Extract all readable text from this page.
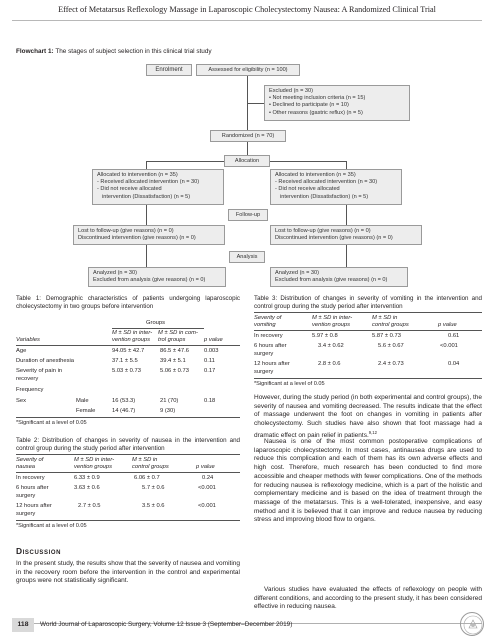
Effect of Metatarsus Reflexology Massage in Laparoscopic Cholecystectomy Nausea: A Randomized Clinical Trial
Flowchart 1: The stages of subject selection in this clinical trial study
Enrolment	Assessed for eligibility (n = 100)
Excluded (n = 30)
• Not meeting inclusion criteria (n = 15)
• Declined to participate (n = 10)
• Other reasons (gastric reflux) (n = 5)
Randomized (n = 70)
Allocation
Allocated to intervention (n = 35)
- Received allocated intervention (n = 30)
- Did not receive allocated
intervention (Dissatisfaction) (n = 5)
Allocated to intervention (n = 35)
- Received allocated intervention (n = 30)
- Did not receive allocated
intervention (Dissatisfaction) (n = 5)
Follow-up
Lost to follow-up (give reasons) (n = 0)
Discontinued intervention (give reasons) (n = 0)
Lost to follow-up (give reasons) (n = 0)
Discontinued intervention (give reasons) (n = 0)
Analysis
Analyzed (n = 30)
Excluded from analysis (give reasons) (n = 0)
Analyzed (n = 30)
Excluded from analysis (give reasons) (n = 0)
Table 1: Demographic characteristics of patients undergoing laparoscopic cholecystectomy in two groups before intervention
Groups
M ± SD in inter-
vention groups
M ± SD in com-
trol groups
Variables	p value
Age	94.05 ± 42.7	86.5 ± 47.6	0.003
Duration of anesthesia	37.1 ± 5.5	39.4 ± 5.1	0.11
Severity of pain in	5.03 ± 0.73	5.06 ± 0.73	0.17
recovery
Frequency
Sex	Male	16 (53.3)	21 (70)	0.18
Female	14 (46.7)	9 (30)
*Significant at a level of 0.05
Table 2: Distribution of changes in severity of nausea in the intervention and control group during the study period after intervention
Severity of
nausea
M ± SD in inter-
vention groups
M ± SD in
control groups	p value
In recovery	6.33 ± 0.9	6.06 ± 0.7	0.24
6 hours after	3.63 ± 0.6	5.7 ± 0.6	<0.001
surgery
12 hours after	2.7 ± 0.5	3.5 ± 0.6	<0.001
surgery
*Significant at a level of 0.05
Discussion
In the present study, the results show that the severity of nausea and vomiting in the recovery room before the intervention in the control and experimental groups were not statistically significant.
Table 3: Distribution of changes in severity of vomiting in the intervention and control group during the study period after intervention
Severity of
vomiting
M ± SD in inter-
vention groups
M ± SD in
control groups	p value
In recovery	5.97 ± 0.8	5.87 ± 0.73	0.61
6 hours after	3.4 ± 0.62	5.6 ± 0.67	<0.001
surgery
12 hours after	2.8 ± 0.6	2.4 ± 0.73	0.04
surgery
*Significant at a level of 0.05
However, during the study period (in both experimental and control groups), the severity of nausea and vomiting decreased. The results indicate that the effect of massage underwent the foot on changes in vomiting in patients after cholecystectomy. Such studies have also shown that foot massage had a dramatic effect on pain relief in patients.$^{9,12}$
Nausea is one of the most common postoperative complications of laparoscopic cholecystectomy. In most cases, antinausea drugs are used to reduce this complication and each of them has its own adverse effects and high cost. Therefore, much research has been conducted to find more accessible and cheaper methods with fewer complications. One of the methods for reducing nausea is reflexology medicine, which is a part of the holistic and complementary medicine and is based on the idea of treatment through the massage of the metatarsus. This is a well-tolerated, inexpensive, and easy method and it is believed that it can improve and reduce nausea by reducing stress and improving blood flow to organs.
Various studies have evaluated the effects of reflexology on people with different conditions, and according to the present study, it has been considered effective in reducing nausea.
118	World Journal of Laparoscopic Surgery, Volume 12 Issue 3 (September–December 2019)
